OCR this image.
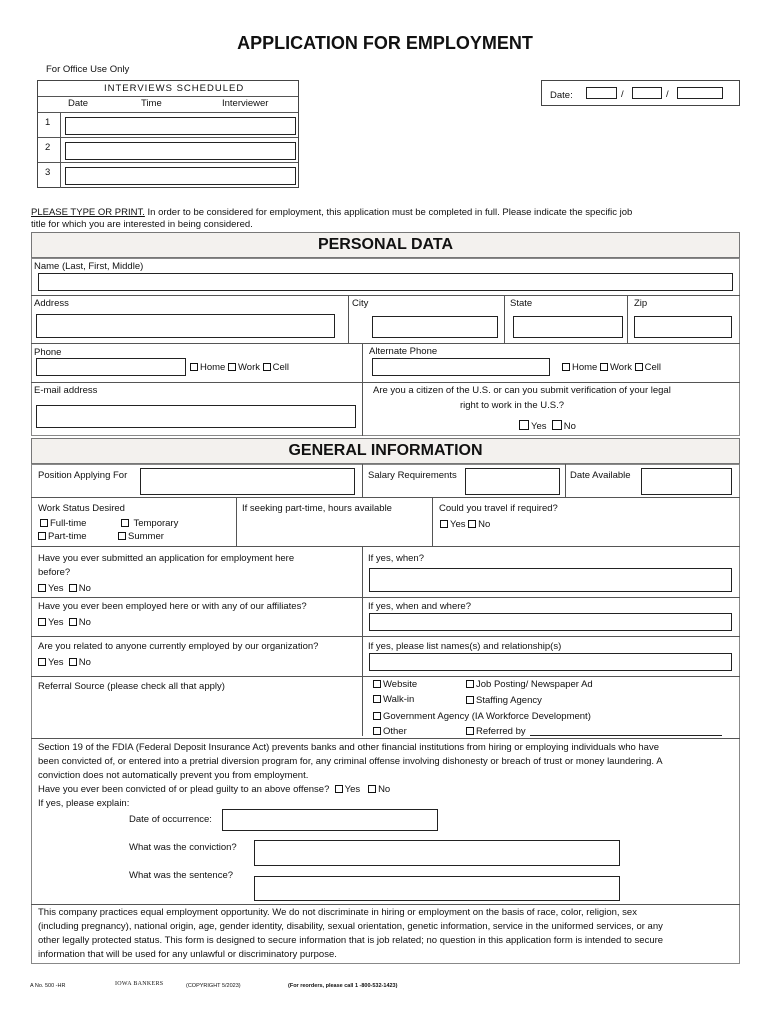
APPLICATION FOR EMPLOYMENT
For Office Use Only
INTERVIEWS SCHEDULED
Date	Time	Interviewer
1
2
3
Date:	/	/
PLEASE TYPE OR PRINT. In order to be considered for employment, this application must be completed in full. Please indicate the specific job
title for which you are interested in being considered.
PERSONAL DATA
Name (Last, First, Middle)
Address	City	State	Zip
Phone
Home Work Cell
Alternate Phone
Home Work Cell
E-mail address	Are you a citizen of the U.S. or can you submit verification of your legal
right to work in the U.S.?
Yes No
GENERAL INFORMATION
Position Applying For	Salary Requirements	Date Available
Work Status Desired
Full-time	Temporary
Part-time	Summer
If seeking part-time, hours available	Could you travel if required?
Yes No
Have you ever submitted an application for employment here
before?
Yes No
If yes, when?
Have you ever been employed here or with any of our affiliates?
Yes No
If yes, when and where?
Are you related to anyone currently employed by our organization?
Yes No
If yes, please list names(s) and relationship(s)
Referral Source (please check all that apply)	Website	Job Posting/ Newspaper Ad
Walk-in	Staffing Agency
Government Agency (IA Workforce Development)
Other	Referred by
Section 19 of the FDIA (Federal Deposit Insurance Act) prevents banks and other financial institutions from hiring or employing individuals who have
been convicted of, or entered into a pretrial diversion program for, any criminal offense involving dishonesty or breach of trust or money laundering. A
conviction does not automatically prevent you from employment.
Have you ever been convicted of or plead guilty to an above offense? Yes No
If yes, please explain:
Date of occurrence:
What was the conviction?
What was the sentence?
This company practices equal employment opportunity. We do not discriminate in hiring or employment on the basis of race, color, religion, sex
(including pregnancy), national origin, age, gender identity, disability, sexual orientation, genetic information, service in the uniformed services, or any
other legally protected status. This form is designed to secure information that is job related; no question in this application form is intended to secure
information that will be used for any unlawful or discriminatory purpose.
A No. 500 -HR	IOWA BANKERS	(COPYRIGHT 5/2023)	(For reorders, please call 1 -800-532-1423)
